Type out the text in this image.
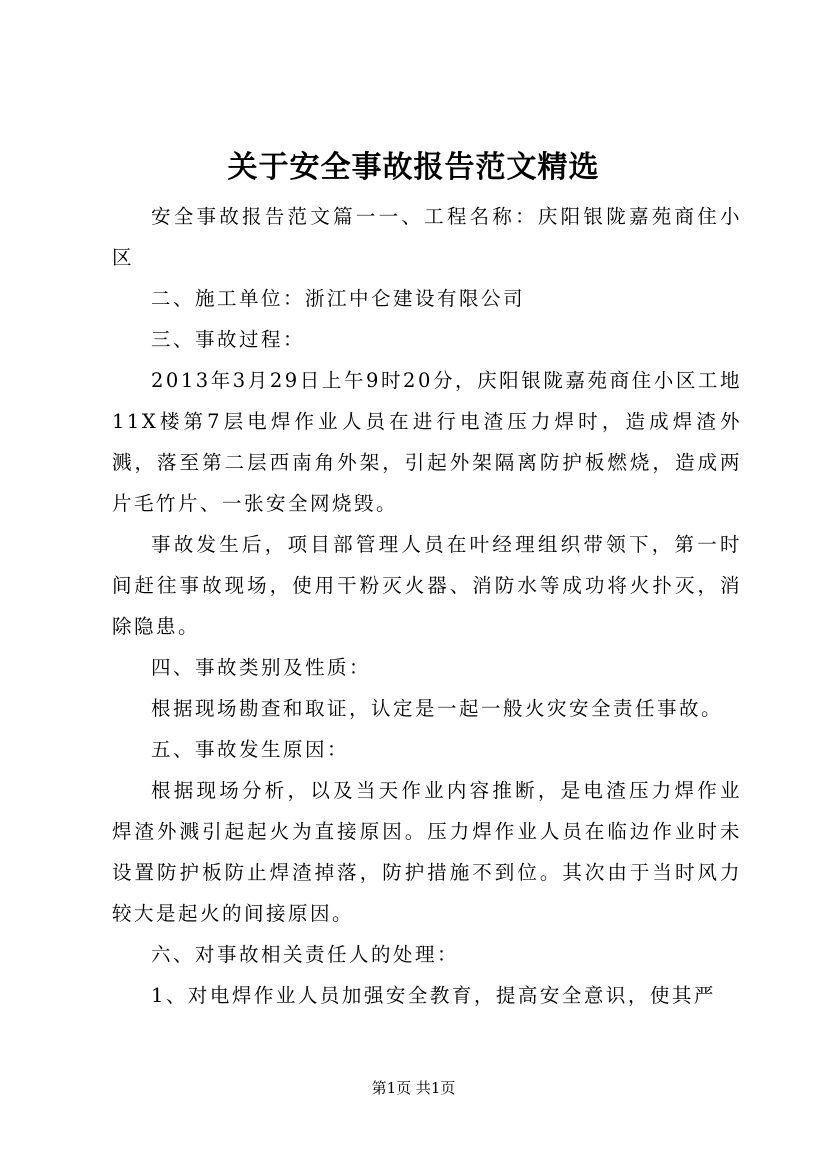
关于安全事故报告范文精选

安全事故报告范文篇一一、工程名称：庆阳银陇嘉苑商住小区

二、施工单位：浙江中仑建设有限公司

三、事故过程：

2013年3月29日上午9时20分，庆阳银陇嘉苑商住小区工地11X楼第7层电焊作业人员在进行电渣压力焊时，造成焊渣外溅，落至第二层西南角外架，引起外架隔离防护板燃烧，造成两片毛竹片、一张安全网烧毁。

事故发生后，项目部管理人员在叶经理组织带领下，第一时间赶往事故现场，使用干粉灭火器、消防水等成功将火扑灭，消除隐患。

四、事故类别及性质：

根据现场勘查和取证，认定是一起一般火灾安全责任事故。

五、事故发生原因：

根据现场分析，以及当天作业内容推断，是电渣压力焊作业焊渣外溅引起起火为直接原因。压力焊作业人员在临边作业时未设置防护板防止焊渣掉落，防护措施不到位。其次由于当时风力较大是起火的间接原因。

六、对事故相关责任人的处理：

1、对电焊作业人员加强安全教育，提高安全意识，使其严

第1页 共1页
